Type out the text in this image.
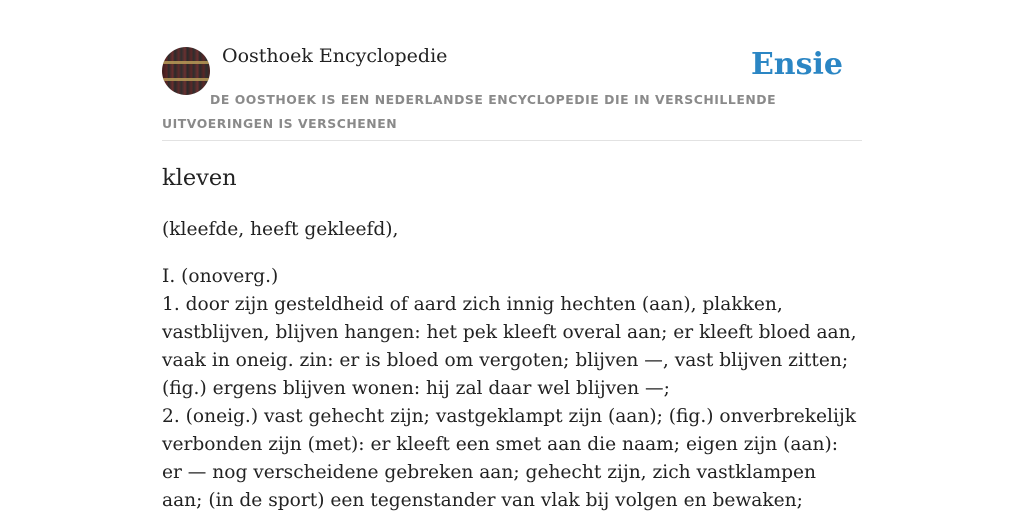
Oosthoek Encyclopedie	Ensie
DE OOSTHOEK IS EEN NEDERLANDSE ENCYCLOPEDIE DIE IN VERSCHILLENDE UITVOERINGEN IS VERSCHENEN
kleven
(kleefde, heeft gekleefd),

I. (onoverg.)

1. door zijn gesteldheid of aard zich innig hechten (aan), plakken, vastblijven, blijven hangen: het pek kleeft overal aan; er kleeft bloed aan, vaak in oneig. zin: er is bloed om vergoten; blijven —, vast blijven zitten; (fig.) ergens blijven wonen: hij zal daar wel blijven —;

2. (oneig.) vast gehecht zijn; vastgeklampt zijn (aan); (fig.) onverbrekelijk verbonden zijn (met): er kleeft een smet aan die naam; eigen zijn (aan): er — nog verscheidene gebreken aan; gehecht zijn, zich vastklampen aan; (in de sport) een tegenstander van vlak bij volgen en bewaken;
